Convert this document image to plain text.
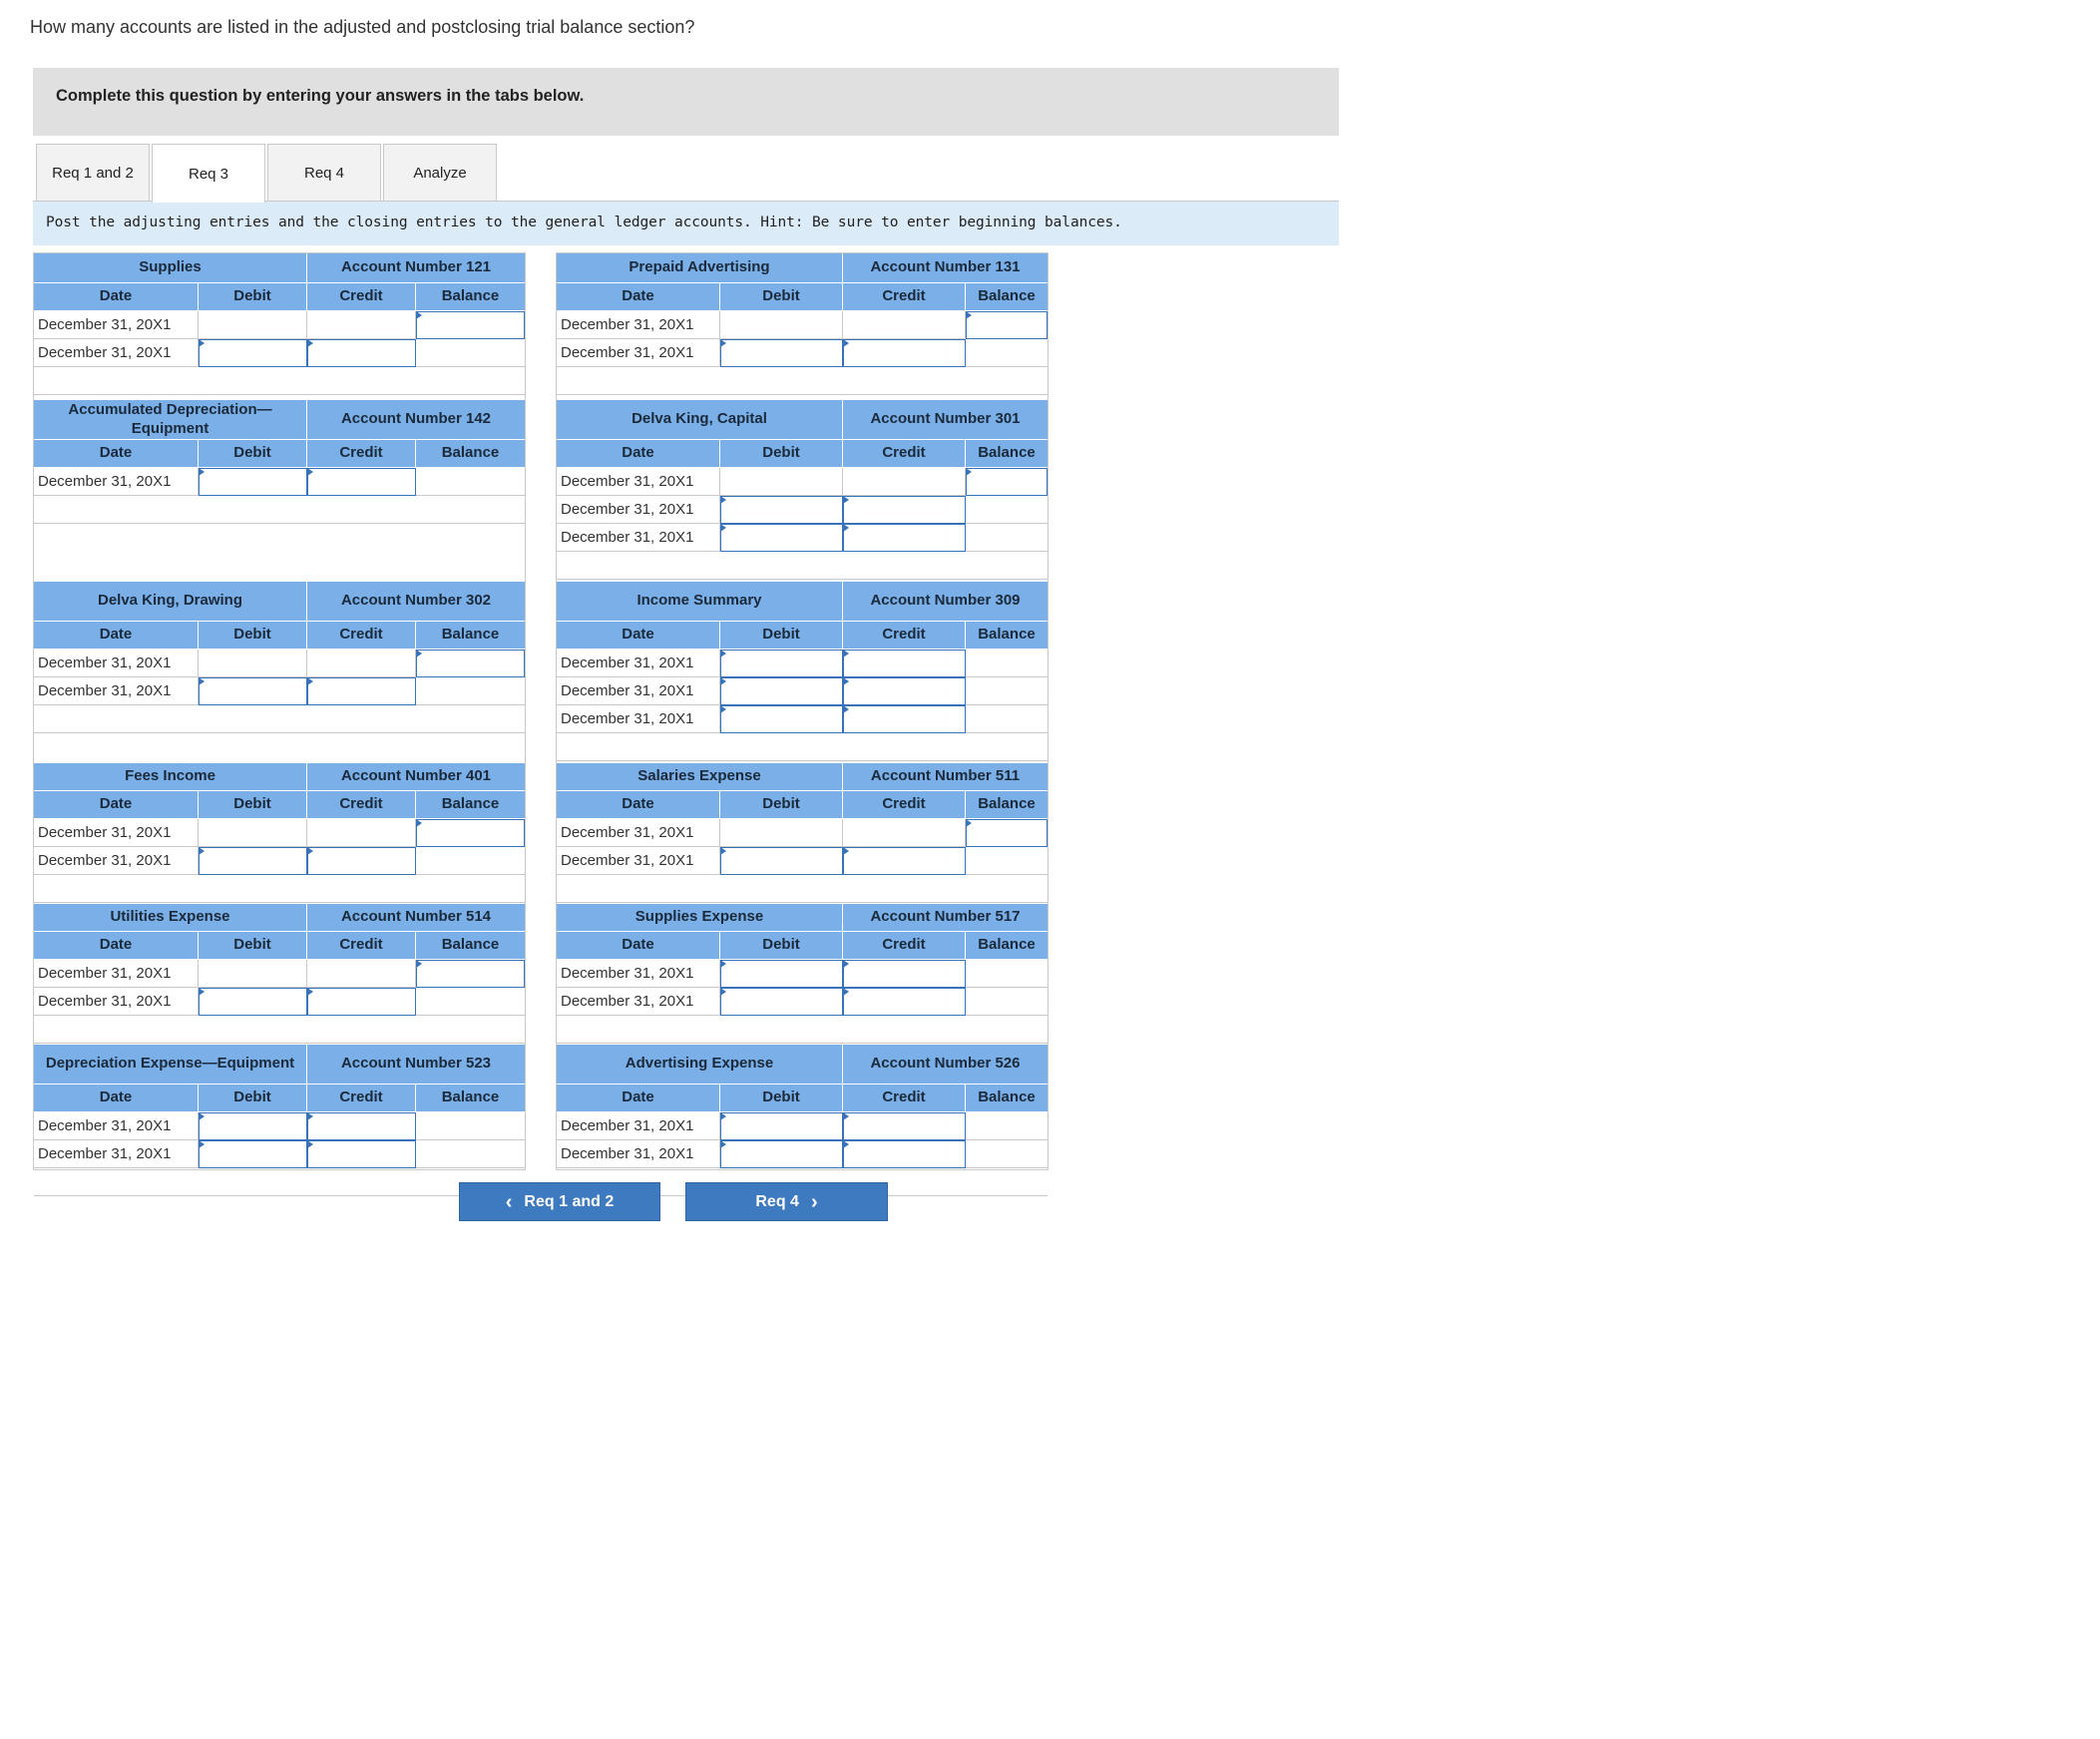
How many accounts are listed in the adjusted and postclosing trial balance section?
Complete this question by entering your answers in the tabs below.
Req 1 and 2	Req 3	Req 4	Analyze
Post the adjusting entries and the closing entries to the general ledger accounts. Hint: Be sure to enter beginning balances.
Supplies	Account Number 121
Date	Debit	Credit	Balance
December 31, 20X1
December 31, 20X1
Accumulated Depreciation—Equipment
Account Number 142
Date	Debit	Credit	Balance
December 31, 20X1
Delva King, Drawing	Account Number 302
Date	Debit	Credit	Balance
December 31, 20X1
December 31, 20X1
Fees Income	Account Number 401
Date	Debit	Credit	Balance
December 31, 20X1
December 31, 20X1
Utilities Expense	Account Number 514
Date	Debit	Credit	Balance
December 31, 20X1
December 31, 20X1
Depreciation Expense—Equipment	Account Number 523
Date	Debit	Credit	Balance
December 31, 20X1
December 31, 20X1
Prepaid Advertising	Account Number 131
Date	Debit	Credit	Balance
December 31, 20X1
December 31, 20X1
Delva King, Capital	Account Number 301
Date	Debit	Credit	Balance
December 31, 20X1
December 31, 20X1
December 31, 20X1
Income Summary	Account Number 309
Date	Debit	Credit	Balance
December 31, 20X1
December 31, 20X1
December 31, 20X1
Salaries Expense	Account Number 511
Date	Debit	Credit	Balance
December 31, 20X1
December 31, 20X1
Supplies Expense	Account Number 517
Date	Debit	Credit	Balance
December 31, 20X1
December 31, 20X1
Advertising Expense	Account Number 526
Date	Debit	Credit	Balance
December 31, 20X1
December 31, 20X1
‹ Req 1 and 2	Req 4 ›
